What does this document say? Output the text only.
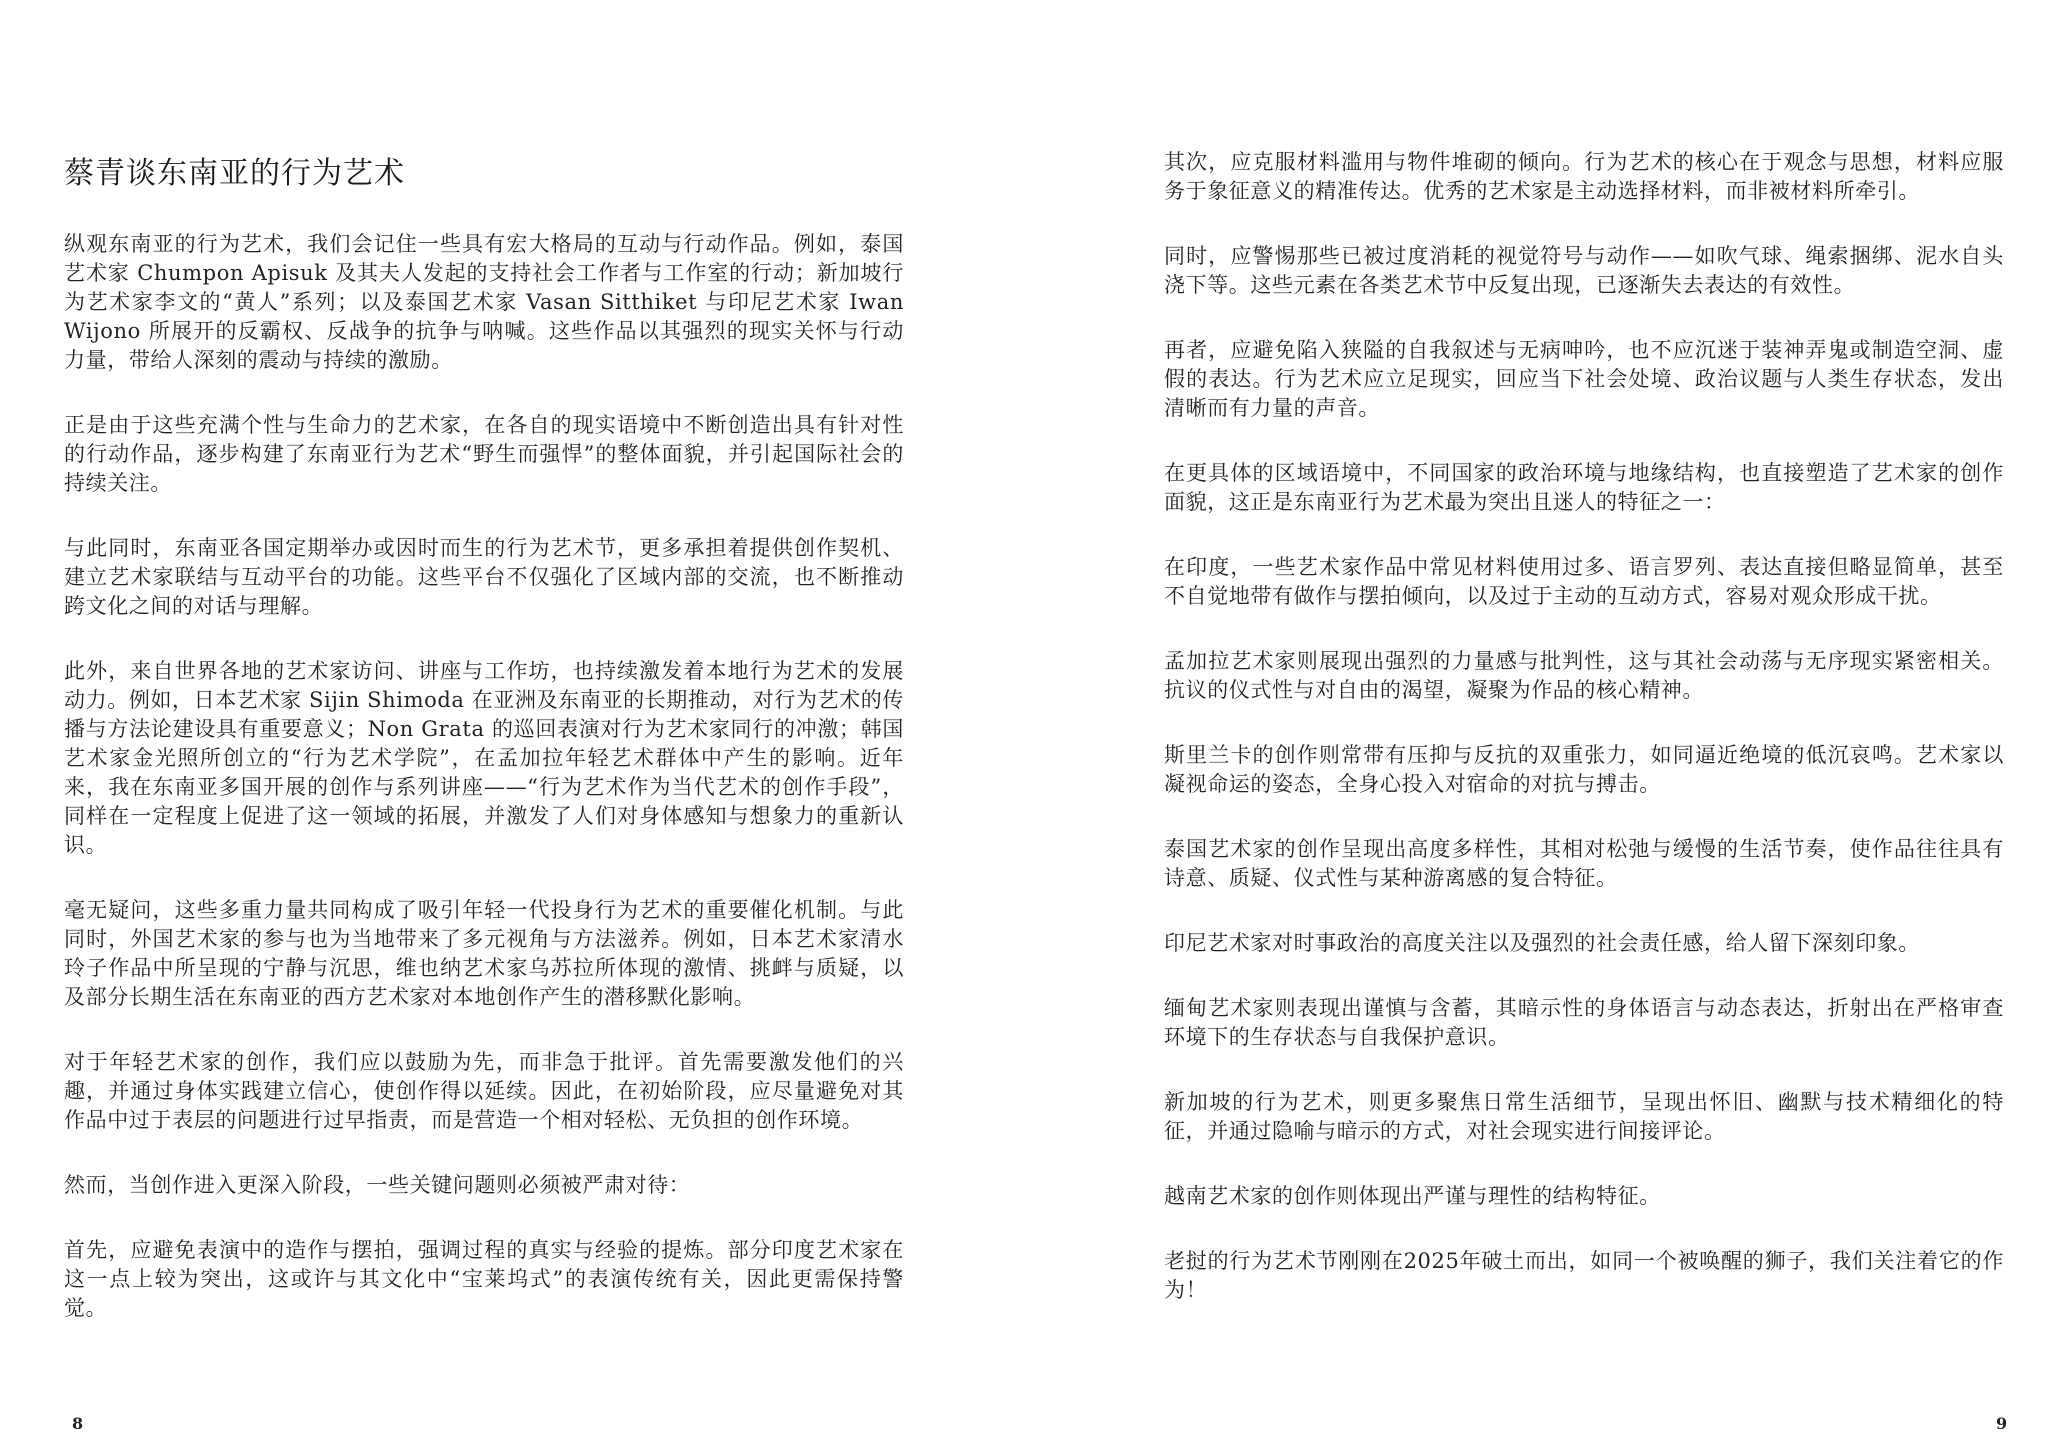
蔡青谈东南亚的行为艺术

纵观东南亚的行为艺术，我们会记住一些具有宏大格局的互动与行动作品。例如，泰国艺术家 Chumpon Apisuk 及其夫人发起的支持社会工作者与工作室的行动；新加坡行为艺术家李文的“黄人”系列；以及泰国艺术家 Vasan Sitthiket 与印尼艺术家 Iwan Wijono 所展开的反霸权、反战争的抗争与呐喊。这些作品以其强烈的现实关怀与行动力量，带给人深刻的震动与持续的激励。

正是由于这些充满个性与生命力的艺术家，在各自的现实语境中不断创造出具有针对性的行动作品，逐步构建了东南亚行为艺术“野生而强悍”的整体面貌，并引起国际社会的持续关注。

与此同时，东南亚各国定期举办或因时而生的行为艺术节，更多承担着提供创作契机、建立艺术家联结与互动平台的功能。这些平台不仅强化了区域内部的交流，也不断推动跨文化之间的对话与理解。

此外，来自世界各地的艺术家访问、讲座与工作坊，也持续激发着本地行为艺术的发展动力。例如，日本艺术家 Sijin Shimoda 在亚洲及东南亚的长期推动，对行为艺术的传播与方法论建设具有重要意义；Non Grata 的巡回表演对行为艺术家同行的冲激；韩国艺术家金光照所创立的“行为艺术学院”，在孟加拉年轻艺术群体中产生的影响。近年来，我在东南亚多国开展的创作与系列讲座——“行为艺术作为当代艺术的创作手段”，同样在一定程度上促进了这一领域的拓展，并激发了人们对身体感知与想象力的重新认识。

毫无疑问，这些多重力量共同构成了吸引年轻一代投身行为艺术的重要催化机制。与此同时，外国艺术家的参与也为当地带来了多元视角与方法滋养。例如，日本艺术家清水玲子作品中所呈现的宁静与沉思，维也纳艺术家乌苏拉所体现的激情、挑衅与质疑，以及部分长期生活在东南亚的西方艺术家对本地创作产生的潜移默化影响。

对于年轻艺术家的创作，我们应以鼓励为先，而非急于批评。首先需要激发他们的兴趣，并通过身体实践建立信心，使创作得以延续。因此，在初始阶段，应尽量避免对其作品中过于表层的问题进行过早指责，而是营造一个相对轻松、无负担的创作环境。

然而，当创作进入更深入阶段，一些关键问题则必须被严肃对待：

首先，应避免表演中的造作与摆拍，强调过程的真实与经验的提炼。部分印度艺术家在这一点上较为突出，这或许与其文化中“宝莱坞式”的表演传统有关，因此更需保持警觉。

8

其次，应克服材料滥用与物件堆砌的倾向。行为艺术的核心在于观念与思想，材料应服务于象征意义的精准传达。优秀的艺术家是主动选择材料，而非被材料所牵引。

同时，应警惕那些已被过度消耗的视觉符号与动作——如吹气球、绳索捆绑、泥水自头浇下等。这些元素在各类艺术节中反复出现，已逐渐失去表达的有效性。

再者，应避免陷入狭隘的自我叙述与无病呻吟，也不应沉迷于装神弄鬼或制造空洞、虚假的表达。行为艺术应立足现实，回应当下社会处境、政治议题与人类生存状态，发出清晰而有力量的声音。

在更具体的区域语境中，不同国家的政治环境与地缘结构，也直接塑造了艺术家的创作面貌，这正是东南亚行为艺术最为突出且迷人的特征之一：

在印度，一些艺术家作品中常见材料使用过多、语言罗列、表达直接但略显简单，甚至不自觉地带有做作与摆拍倾向，以及过于主动的互动方式，容易对观众形成干扰。

孟加拉艺术家则展现出强烈的力量感与批判性，这与其社会动荡与无序现实紧密相关。抗议的仪式性与对自由的渴望，凝聚为作品的核心精神。

斯里兰卡的创作则常带有压抑与反抗的双重张力，如同逼近绝境的低沉哀鸣。艺术家以凝视命运的姿态，全身心投入对宿命的对抗与搏击。

泰国艺术家的创作呈现出高度多样性，其相对松弛与缓慢的生活节奏，使作品往往具有诗意、质疑、仪式性与某种游离感的复合特征。

印尼艺术家对时事政治的高度关注以及强烈的社会责任感，给人留下深刻印象。

缅甸艺术家则表现出谨慎与含蓄，其暗示性的身体语言与动态表达，折射出在严格审查环境下的生存状态与自我保护意识。

新加坡的行为艺术，则更多聚焦日常生活细节，呈现出怀旧、幽默与技术精细化的特征，并通过隐喻与暗示的方式，对社会现实进行间接评论。

越南艺术家的创作则体现出严谨与理性的结构特征。

老挝的行为艺术节刚刚在2025年破土而出，如同一个被唤醒的狮子，我们关注着它的作为！

9
